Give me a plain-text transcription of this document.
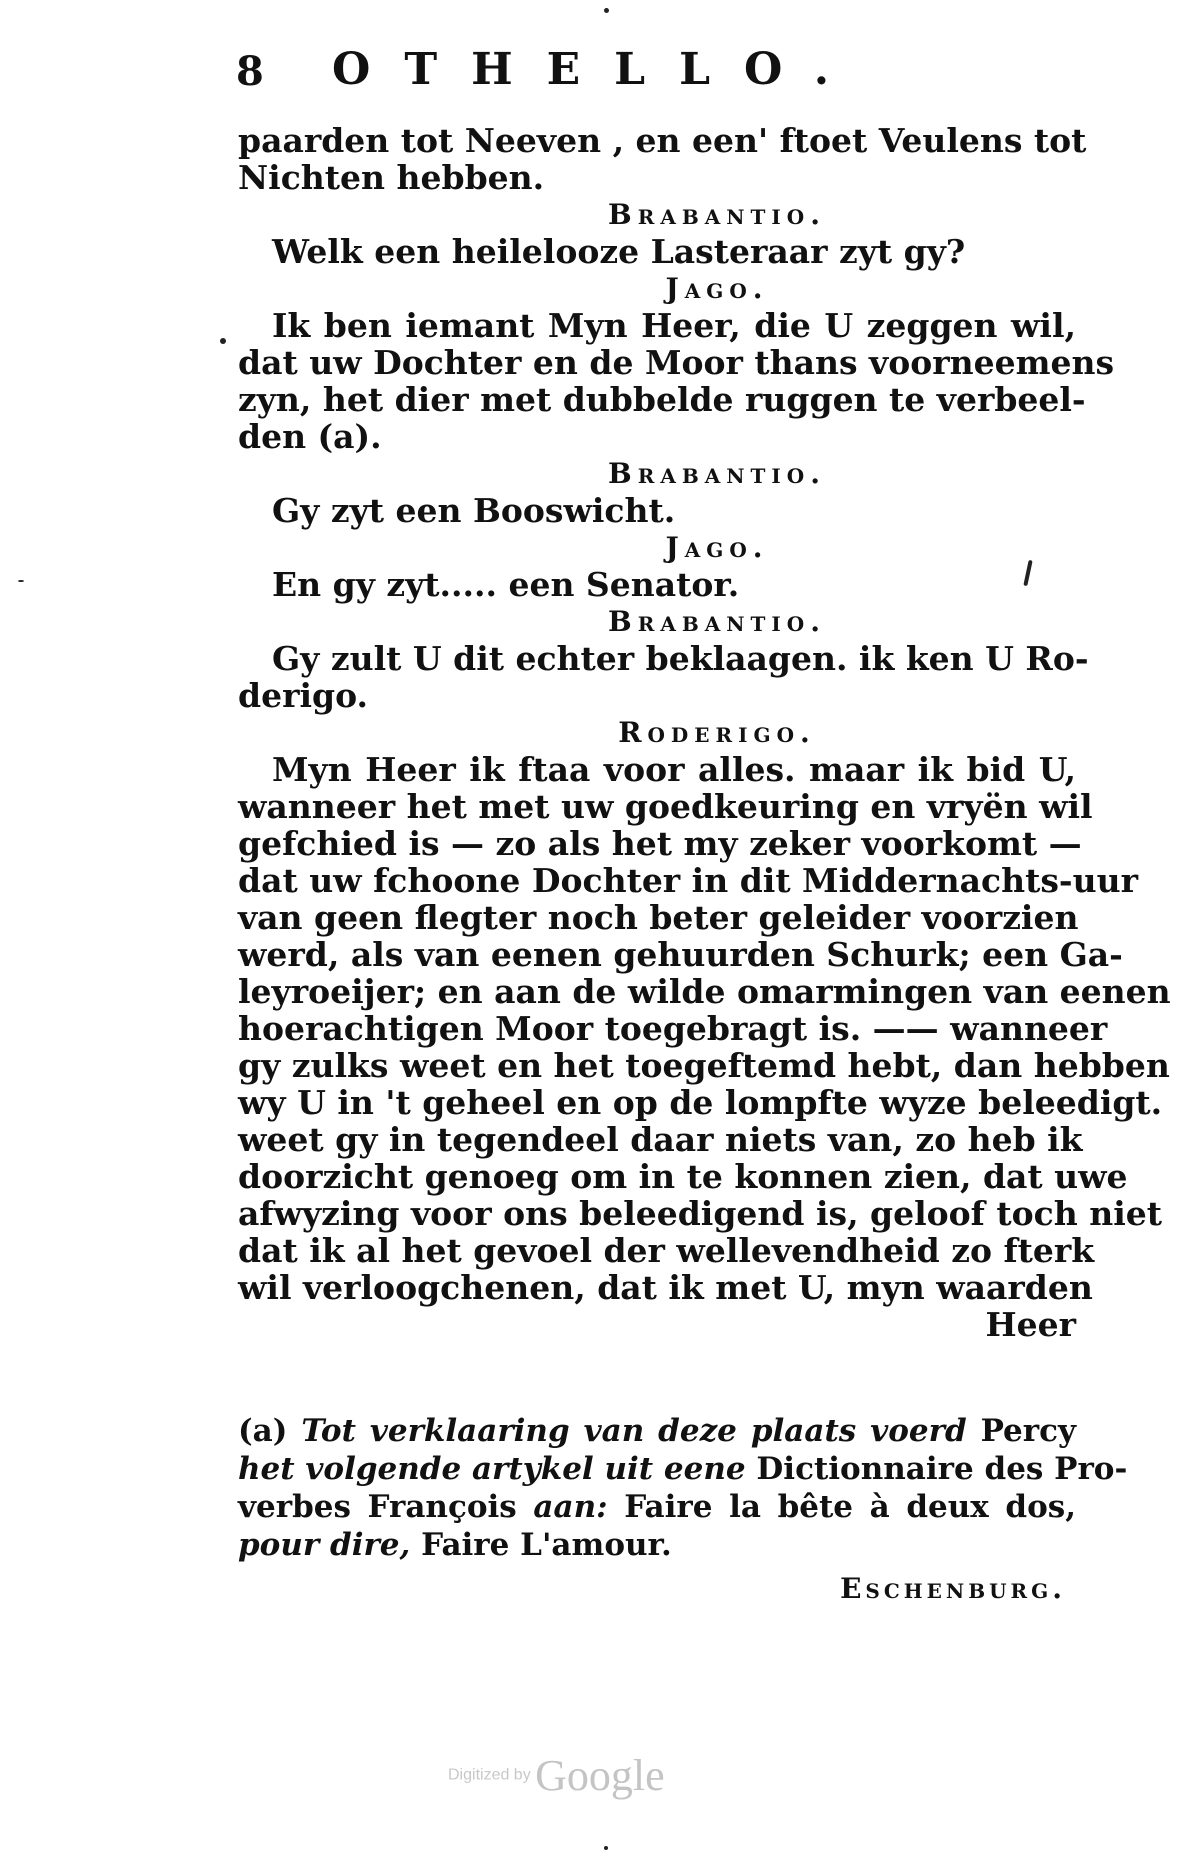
8 OTHELLO.
paarden tot Neeven , en een' ftoet Veulens tot
Nichten hebben.
Brabantio.
Welk een heilelooze Lasteraar zyt gy?
Jago.
Ik ben iemant Myn Heer, die U zeggen wil,
dat uw Dochter en de Moor thans voorneemens
zyn, het dier met dubbelde ruggen te verbeel-
den (a).
Brabantio.
Gy zyt een Booswicht.
Jago.
En gy zyt..... een Senator.
Brabantio.
Gy zult U dit echter beklaagen. ik ken U Ro-
derigo.
Roderigo.
Myn Heer ik ftaa voor alles. maar ik bid U,
wanneer het met uw goedkeuring en vryën wil
gefchied is — zo als het my zeker voorkomt —
dat uw fchoone Dochter in dit Middernachts-uur
van geen flegter noch beter geleider voorzien
werd, als van eenen gehuurden Schurk; een Ga-
leyroeijer; en aan de wilde omarmingen van eenen
hoerachtigen Moor toegebragt is. —— wanneer
gy zulks weet en het toegeftemd hebt, dan hebben
wy U in 't geheel en op de lompfte wyze beleedigt.
weet gy in tegendeel daar niets van, zo heb ik
doorzicht genoeg om in te konnen zien, dat uwe
afwyzing voor ons beleedigend is, geloof toch niet
dat ik al het gevoel der wellevendheid zo fterk
wil verloogchenen, dat ik met U, myn waarden
Heer
(a) Tot verklaaring van deze plaats voerd Percy
het volgende artykel uit eene Dictionnaire des Pro-
verbes François aan: Faire la bête à deux dos,
pour dire, Faire L'amour.
Eschenburg.
Digitized by Google
